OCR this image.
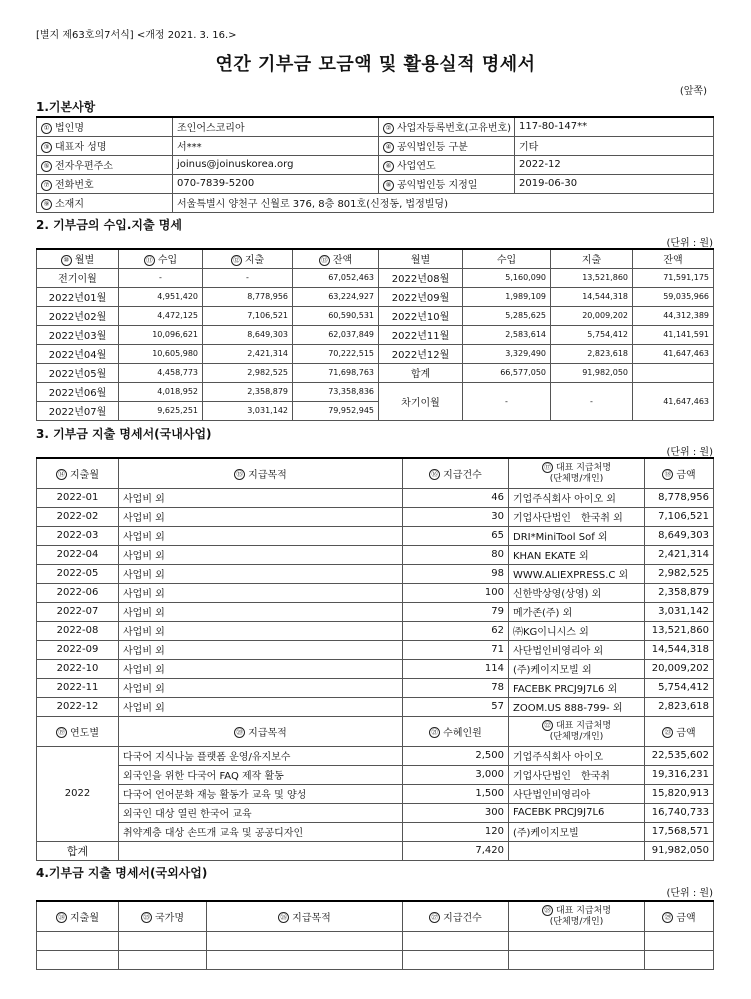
[별지 제63호의7서식] <개정 2021. 3. 16.>
연간 기부금 모금액 및 활용실적 명세서
(앞쪽)
1.기본사항
① 법인명	조인어스코리아	② 사업자등록번호(고유번호)	117-80-147**
③ 대표자 성명	서***	④ 공익법인등 구분	기타
⑤ 전자우편주소	joinus@joinuskorea.org	⑥ 사업연도	2022-12
⑦ 전화번호	070-7839-5200	⑧ 공익법인등 지정일	2019-06-30
⑨ 소재지	서울특별시 양천구 신월로 376, 8층 801호(신정동, 법정빌딩)		
2. 기부금의 수입.지출 명세
(단위 : 원)
⑩ 월별	⑪ 수입	⑫ 지출	⑬ 잔액	월별	수입	지출	잔액
전기이월	-	-	67,052,463	2022년08월	5,160,090	13,521,860	71,591,175
2022년01월	4,951,420	8,778,956	63,224,927	2022년09월	1,989,109	14,544,318	59,035,966
2022년02월	4,472,125	7,106,521	60,590,531	2022년10월	5,285,625	20,009,202	44,312,389
2022년03월	10,096,621	8,649,303	62,037,849	2022년11월	2,583,614	5,754,412	41,141,591
2022년04월	10,605,980	2,421,314	70,222,515	2022년12월	3,329,490	2,823,618	41,647,463
2022년05월	4,458,773	2,982,525	71,698,763	합계	66,577,050	91,982,050	
2022년06월	4,018,952	2,358,879	73,358,836	차기이월	-	-	41,647,463
2022년07월	9,625,251	3,031,142	79,952,945				
3. 기부금 지출 명세서(국내사업)
(단위 : 원)
⑭ 지출월	⑮ 지급목적	⑯ 지급건수	⑰ 대표 지급처명
(단체명/개인)	⑱ 금액
2022-01	사업비 외	46	기업주식회사 아이오 외	8,778,956
2022-02	사업비 외	30	기업사단법인　한국취 외	7,106,521
2022-03	사업비 외	65	DRI*MiniTool Sof 외	8,649,303
2022-04	사업비 외	80	KHAN EKATE 외	2,421,314
2022-05	사업비 외	98	WWW.ALIEXPRESS.C 외	2,982,525
2022-06	사업비 외	100	신한박상영(상영) 외	2,358,879
2022-07	사업비 외	79	메가존(주) 외	3,031,142
2022-08	사업비 외	62	㈜KG이니시스 외	13,521,860
2022-09	사업비 외	71	사단법인비영리아 외	14,544,318
2022-10	사업비 외	114	(주)케이지모빌 외	20,009,202
2022-11	사업비 외	78	FACEBK PRCJ9J7L6 외	5,754,412
2022-12	사업비 외	57	ZOOM.US 888-799- 외	2,823,618
⑲ 연도별	⑳ 지급목적	㉑ 수혜인원	㉒ 대표 지급처명
(단체명/개인)	㉓ 금액
2022	다국어 지식나눔 플랫폼 운영/유지보수	2,500	기업주식회사 아이오	22,535,602
	외국인을 위한 다국어 FAQ 제작 활동	3,000	기업사단법인　한국취	19,316,231
	다국어 언어문화 재능 활동가 교육 및 양성	1,500	사단법인비영리아	15,820,913
	외국인 대상 열린 한국어 교육	300	FACEBK PRCJ9J7L6	16,740,733
	취약계층 대상 손뜨개 교육 및 공공디자인	120	(주)케이지모빌	17,568,571
합계		7,420		91,982,050
4.기부금 지출 명세서(국외사업)
(단위 : 원)
㉔ 지출월	㉕ 국가명	㉖ 지급목적	㉗ 지급건수	㉘ 대표 지급처명
(단체명/개인)	㉙ 금액
